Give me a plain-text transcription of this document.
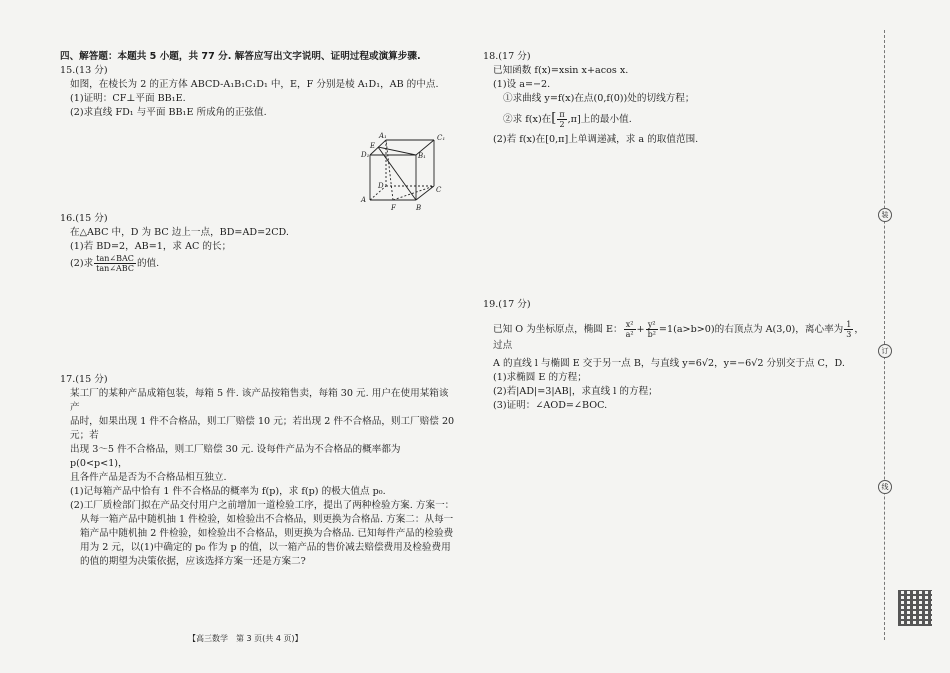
四、解答题：本题共 5 小题，共 77 分. 解答应写出文字说明、证明过程或演算步骤.
15.(13 分)
如图，在棱长为 2 的正方体 ABCD-A₁B₁C₁D₁ 中，E，F 分别是棱 A₁D₁，AB 的中点.
(1)证明：CF⊥平面 BB₁E.
(2)求直线 FD₁ 与平面 BB₁E 所成角的正弦值.
16.(15 分)
在△ABC 中，D 为 BC 边上一点，BD=AD=2CD.
(1)若 BD=2，AB=1，求 AC 的长；
(2)求 $\frac{\text{tan∠BAC}}{\text{tan∠ABC}}$ 的值.
17.(15 分)
某工厂的某种产品成箱包装，每箱 5 件. 该产品按箱售卖，每箱 30 元. 用户在使用某箱该产
品时，如果出现 1 件不合格品，则工厂赔偿 10 元；若出现 2 件不合格品，则工厂赔偿 20 元；若
出现 3～5 件不合格品，则工厂赔偿 30 元. 设每件产品为不合格品的概率都为 p(0<p<1)，
且各件产品是否为不合格品相互独立.
(1)记每箱产品中恰有 1 件不合格品的概率为 f(p)，求 f(p) 的极大值点 p₀.
(2)工厂质检部门拟在产品交付用户之前增加一道检验工序，提出了两种检验方案. 方案一：
从每一箱产品中随机抽 1 件检验，如检验出不合格品，则更换为合格品. 方案二：从每一
箱产品中随机抽 2 件检验，如检验出不合格品，则更换为合格品. 已知每件产品的检验费
用为 2 元，以(1)中确定的 p₀ 作为 p 的值，以一箱产品的售价减去赔偿费用及检验费用
的值的期望为决策依据，应该选择方案一还是方案二?
A₁
E
D₁
C₁
B₁
D	C
A
F	B
18.(17 分)
已知函数 f(x)=xsin x+acos x.
(1)设 a=−2.
①求曲线 y=f(x)在点(0,f(0))处的切线方程；
②求 f(x)在[ $\frac{\pi}{2} ,\pi$]上的最小值.
(2)若 f(x)在[0,π]上单调递减，求 a 的取值范围.
19.(17 分)
已知 O 为坐标原点，椭圆 E： $\frac{\text{x²}}{\text{a²}} + \frac{\text{y²}}{\text{b²}} =1(a>b>0)$的右顶点为 A(3,0)，离心率为 $\frac{1}{3}$ ，过点
A 的直线 l 与椭圆 E 交于另一点 B，与直线 y=6√2，y=−6√2 分别交于点 C，D.
(1)求椭圆 E 的方程；
(2)若|AD|=3|AB|，求直线 l 的方程；
(3)证明：∠AOD=∠BOC.
【高三数学　第 3 页(共 4 页)】
装
订
线
